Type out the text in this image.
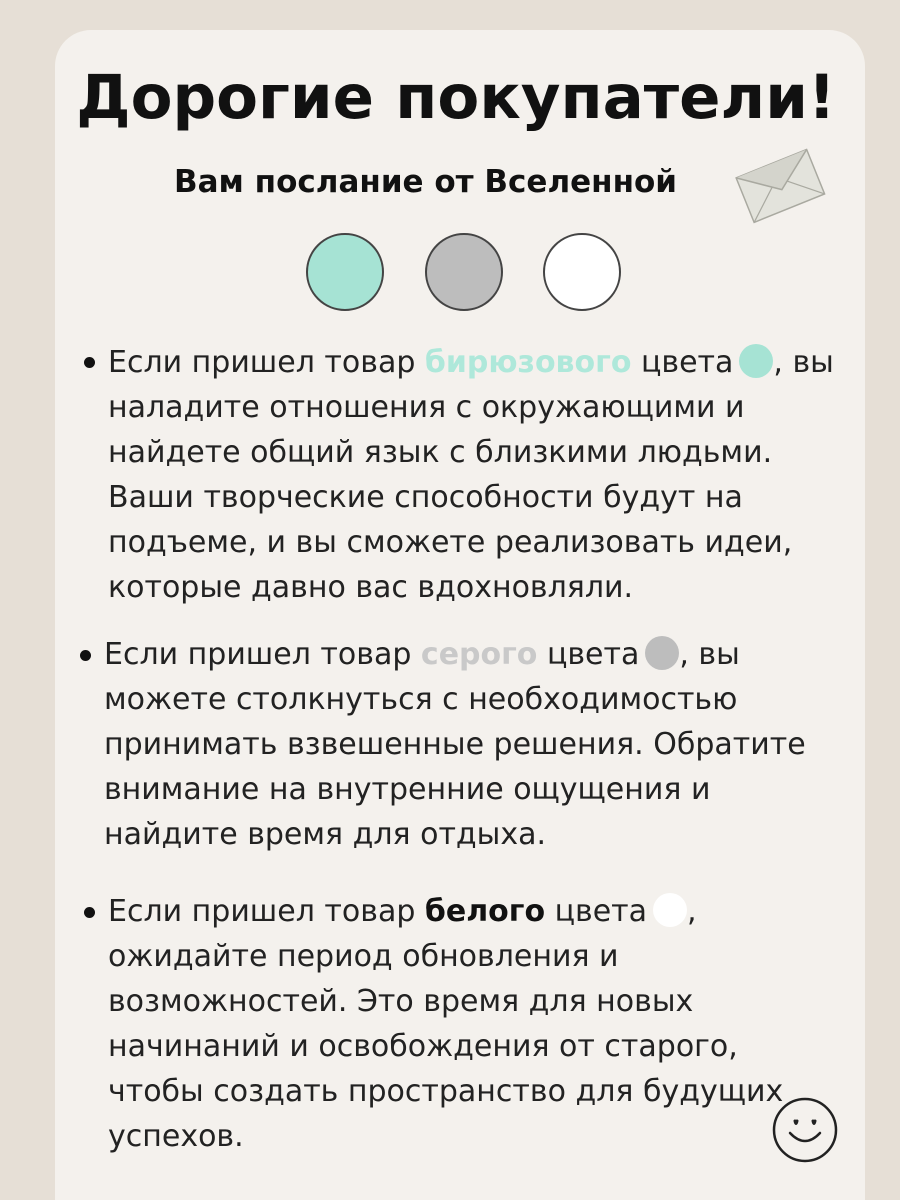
Дорогие покупатели!
Вам послание от Вселенной
Если пришел товар бирюзового цвета , вы
наладите отношения с окружающими и
найдете общий язык с близкими людьми.
Ваши творческие способности будут на
подъеме, и вы сможете реализовать идеи,
которые давно вас вдохновляли.
Если пришел товар серого цвета , вы
можете столкнуться с необходимостью
принимать взвешенные решения. Обратите
внимание на внутренние ощущения и
найдите время для отдыха.
Если пришел товар белого цвета ,
ожидайте период обновления и
возможностей. Это время для новых
начинаний и освобождения от старого,
чтобы создать пространство для будущих
успехов.
